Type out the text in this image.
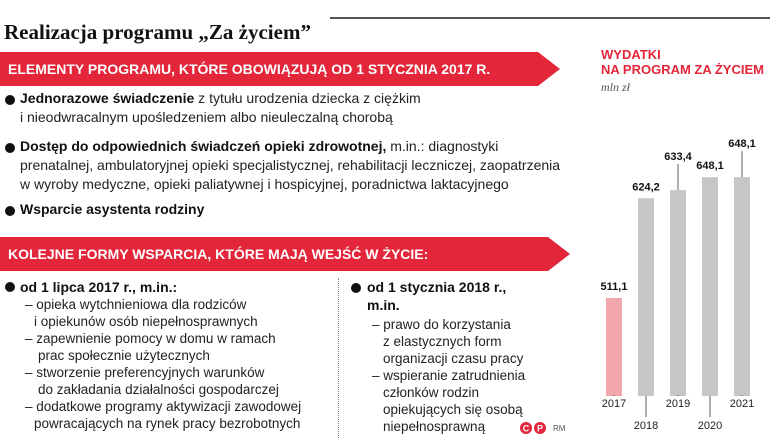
Realizacja programu „Za życiem”
ELEMENTY PROGRAMU, KTÓRE OBOWIĄZUJĄ OD 1 STYCZNIA 2017 R.
Jednorazowe świadczenie z tytułu urodzenia dziecka z ciężkim
i nieodwracalnym upośledzeniem albo nieuleczalną chorobą
Dostęp do odpowiednich świadczeń opieki zdrowotnej, m.in.: diagnostyki
prenatalnej, ambulatoryjnej opieki specjalistycznej, rehabilitacji leczniczej, zaopatrzenia
w wyroby medyczne, opieki paliatywnej i hospicyjnej, poradnictwa laktacyjnego
Wsparcie asystenta rodziny
KOLEJNE FORMY WSPARCIA, KTÓRE MAJĄ WEJŚĆ W ŻYCIE:
od 1 lipca 2017 r., m.in.:
– opieka wytchnieniowa dla rodziców
i opiekunów osób niepełnosprawnych
– zapewnienie pomocy w domu w ramach
prac społecznie użytecznych
– stworzenie preferencyjnych warunków
do zakładania działalności gospodarczej
– dodatkowe programy aktywizacji zawodowej
powracających na rynek pracy bezrobotnych
od 1 stycznia 2018 r.,
m.in.
– prawo do korzystania
z elastycznych form
organizacji czasu pracy
– wspieranie zatrudnienia
członków rodzin
opiekujących się osobą
niepełnosprawną
WYDATKI
NA PROGRAM ZA ŻYCIEM
mln zł
2017
511,1
2018
624,2
2019
633,4
2020
648,1
2021
648,1
C P RM
